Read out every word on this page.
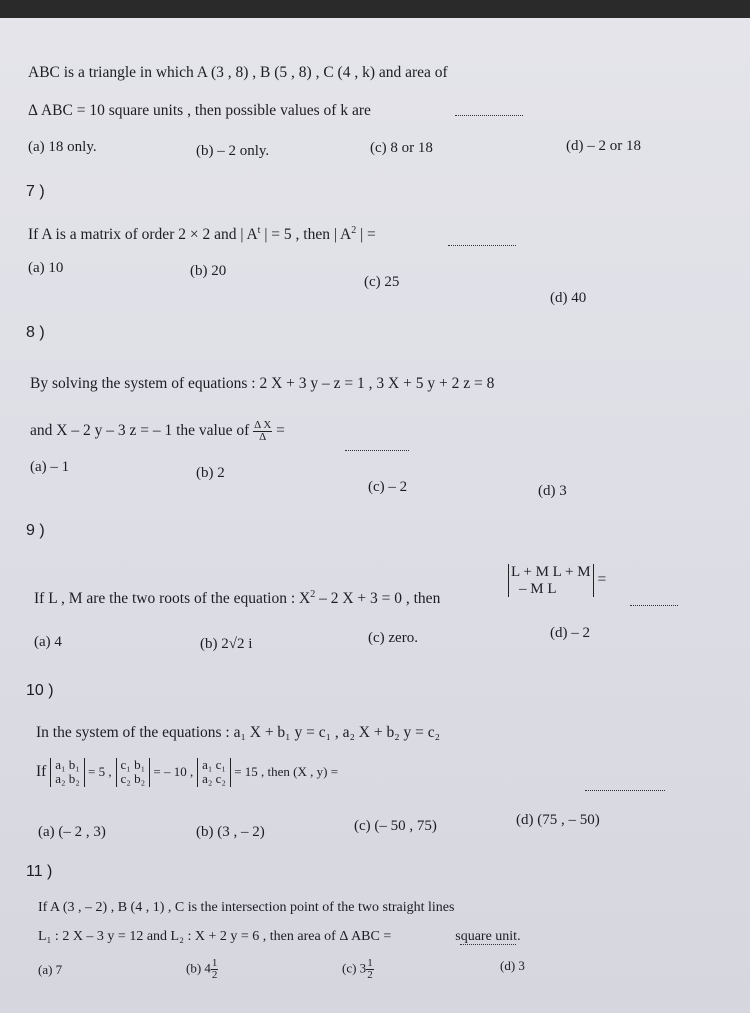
ABC is a triangle in which A (3 , 8) , B (5 , 8) , C (4 , k) and area of
Δ ABC = 10 square units , then possible values of k are
(a) 18 only.	(b) – 2 only.	(c) 8 or 18	(d) – 2 or 18
7 )
If A is a matrix of order 2 × 2 and | $A^t$ | = 5 , then | $A^2$ | =
(a) 10	(b) 20
(c) 25
(d) 40
8 )
By solving the system of equations : 2 X + 3 y – z = 1 , 3 X + 5 y + 2 z = 8
and X – 2 y – 3 z = – 1 the value of $\frac{\text{Δ X}}{\Delta}$ =
(a) – 1	(b) 2
(c) – 2	(d) 3
9 )
If L , M are the two roots of the equation : $X^2 - 2$ X + 3 = 0 , then
L + M L + M
– M L
=
(a) 4	(b) 2√2 i	(c) zero.	(d) – 2
10 )
In the system of the equations : a₁ X + b₁ y = c₁ , a₂ X + b₂ y = c₂
If a₁ b₁
a₂ b₂ = 5 , c₁ b₁
c₂ b₂ = – 10 , a₁ c₁
a₂ c₂ = 15 , then (X , y) =
(a) (– 2 , 3)	(b) (3 , – 2)	(c) (– 50 , 75)	(d) (75 , – 50)
11 )
If A (3 , – 2) , B (4 , 1) , C is the intersection point of the two straight lines
L₁ : 2 X – 3 y = 12 and L₂ : X + 2 y = 6 , then area of Δ ABC =	square unit.
(a) 7	(b) $4 \frac{1}{2}$	(c) $3 \frac{1}{2}$	(d) 3
